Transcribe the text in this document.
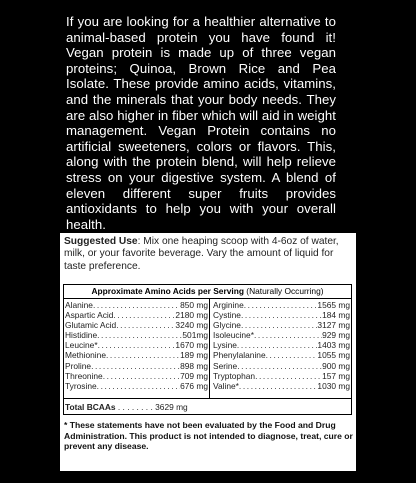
If you are looking for a healthier alternative to animal-based protein you have found it! Vegan protein is made up of three vegan proteins; Quinoa, Brown Rice and Pea Isolate. These provide amino acids, vitamins, and the minerals that your body needs. They are also higher in fiber which will aid in weight management. Vegan Protein contains no artificial sweeteners, colors or flavors. This, along with the protein blend, will help relieve stress on your digestive system. A blend of eleven different super fruits provides antioxidants to help you with your overall health.
Suggested Use: Mix one heaping scoop with 4-6oz of water, milk, or your favorite beverage. Vary the amount of liquid for taste preference.
Approximate Amino Acids per Serving (Naturally Occurring)
Alanine .....	850 mg
Aspartic Acid .....	2180 mg
Glutamic Acid .....	3240 mg
Histidine .....	501mg
Leucine* .....	1670 mg
Methionine .....	189 mg
Proline .....	898 mg
Threonine .....	709 mg
Tyrosine .....	676 mg
Arginine .....	1565 mg
Cystine .....	184 mg
Glycine .....	3127 mg
Isoleucine* .....	929 mg
Lysine .....	1403 mg
Phenylalanine .....	1055 mg
Serine .....	900 mg
Tryptophan .....	157 mg
Valine* .....	1030 mg
Total BCAAs . . . . . . . . 3629 mg
* These statements have not been evaluated by the Food and Drug Administration. This product is not intended to diagnose, treat, cure or prevent any disease.
